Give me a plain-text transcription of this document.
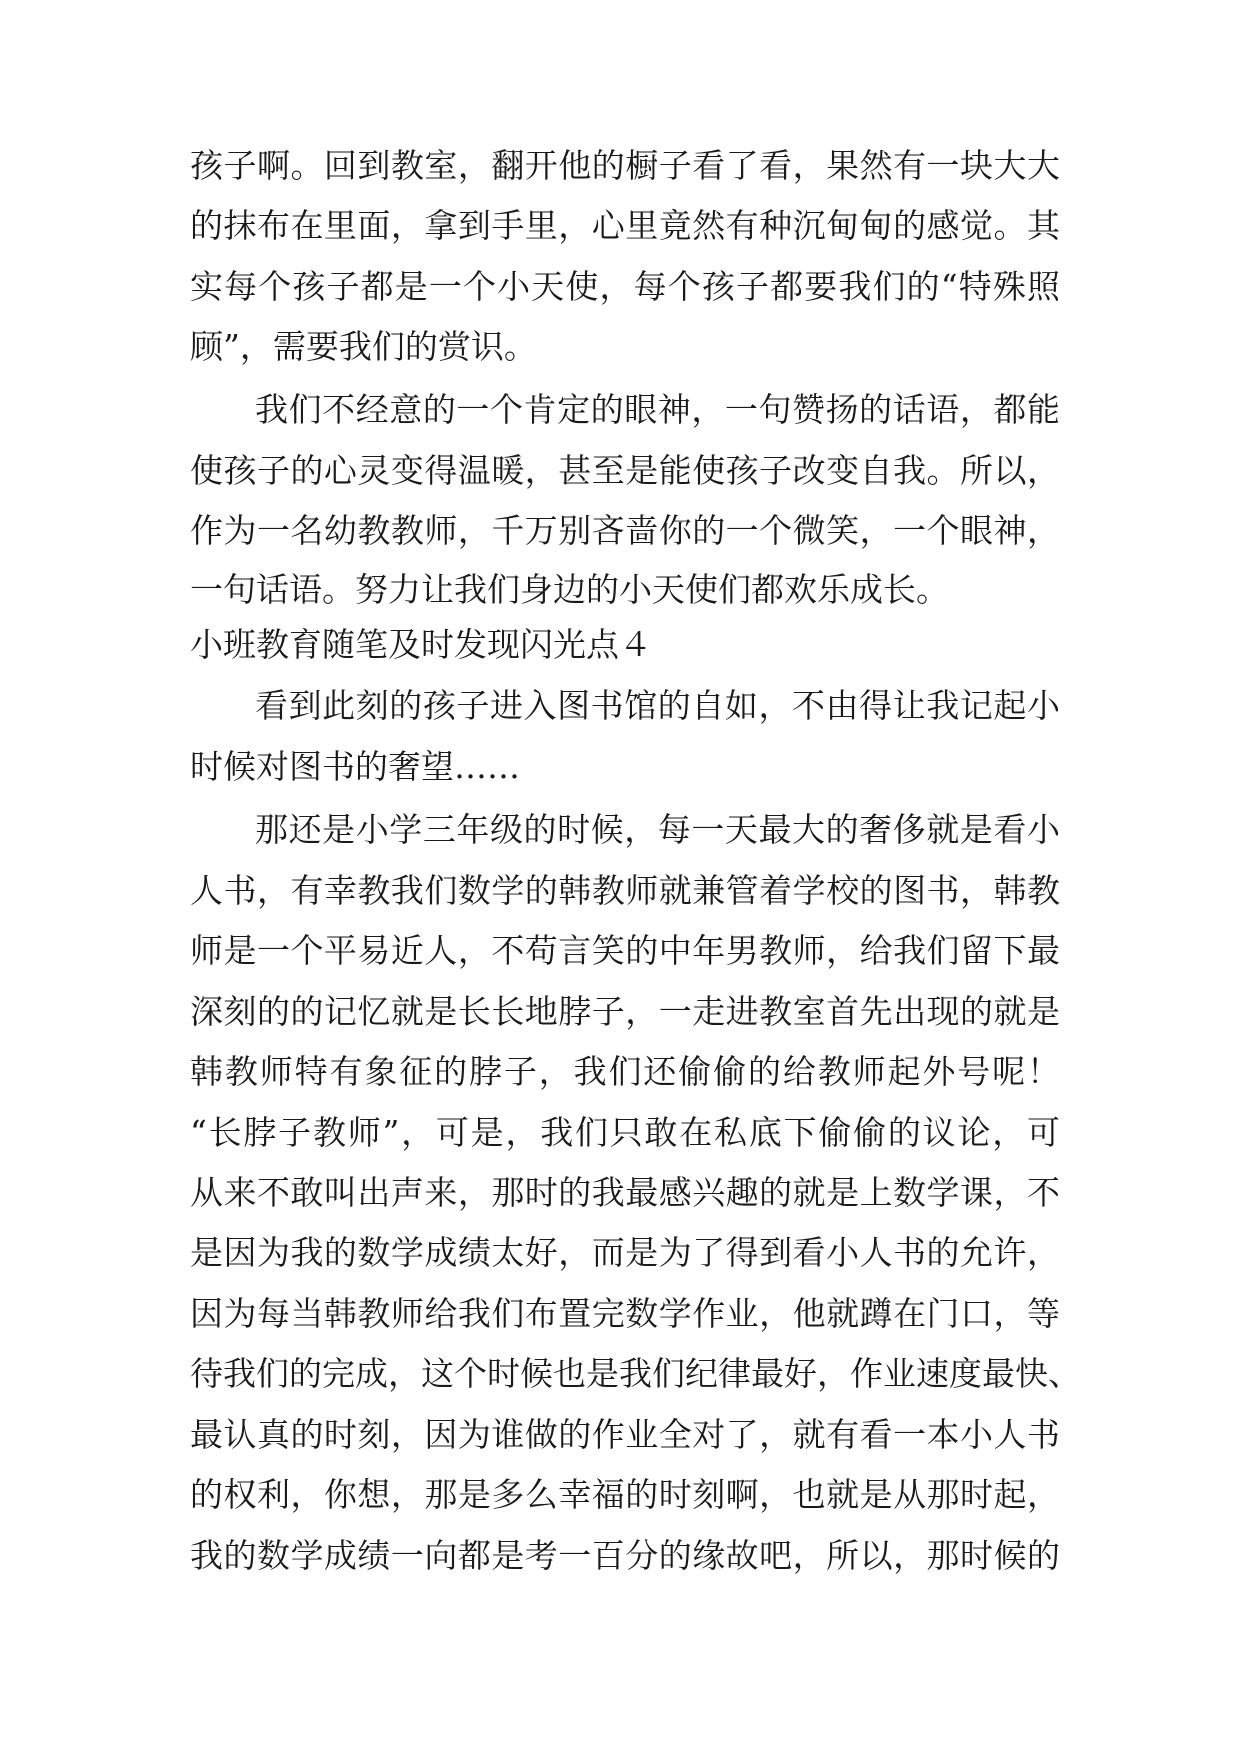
孩子啊。回到教室，翻开他的橱子看了看，果然有一块大大
的抹布在里面，拿到手里，心里竟然有种沉甸甸的感觉。其
实每个孩子都是一个小天使，每个孩子都要我们的“特殊照
顾”，需要我们的赏识。
我们不经意的一个肯定的眼神，一句赞扬的话语，都能
使孩子的心灵变得温暖，甚至是能使孩子改变自我。所以，
作为一名幼教教师，千万别吝啬你的一个微笑，一个眼神，
一句话语。努力让我们身边的小天使们都欢乐成长。
小班教育随笔及时发现闪光点４
看到此刻的孩子进入图书馆的自如，不由得让我记起小
时候对图书的奢望……
那还是小学三年级的时候，每一天最大的奢侈就是看小
人书，有幸教我们数学的韩教师就兼管着学校的图书，韩教
师是一个平易近人，不苟言笑的中年男教师，给我们留下最
深刻的的记忆就是长长地脖子，一走进教室首先出现的就是
韩教师特有象征的脖子，我们还偷偷的给教师起外号呢！
“长脖子教师”，可是，我们只敢在私底下偷偷的议论，可
从来不敢叫出声来，那时的我最感兴趣的就是上数学课，不
是因为我的数学成绩太好，而是为了得到看小人书的允许，
因为每当韩教师给我们布置完数学作业，他就蹲在门口，等
待我们的完成，这个时候也是我们纪律最好，作业速度最快、
最认真的时刻，因为谁做的作业全对了，就有看一本小人书
的权利，你想，那是多么幸福的时刻啊，也就是从那时起，
我的数学成绩一向都是考一百分的缘故吧，所以，那时候的
